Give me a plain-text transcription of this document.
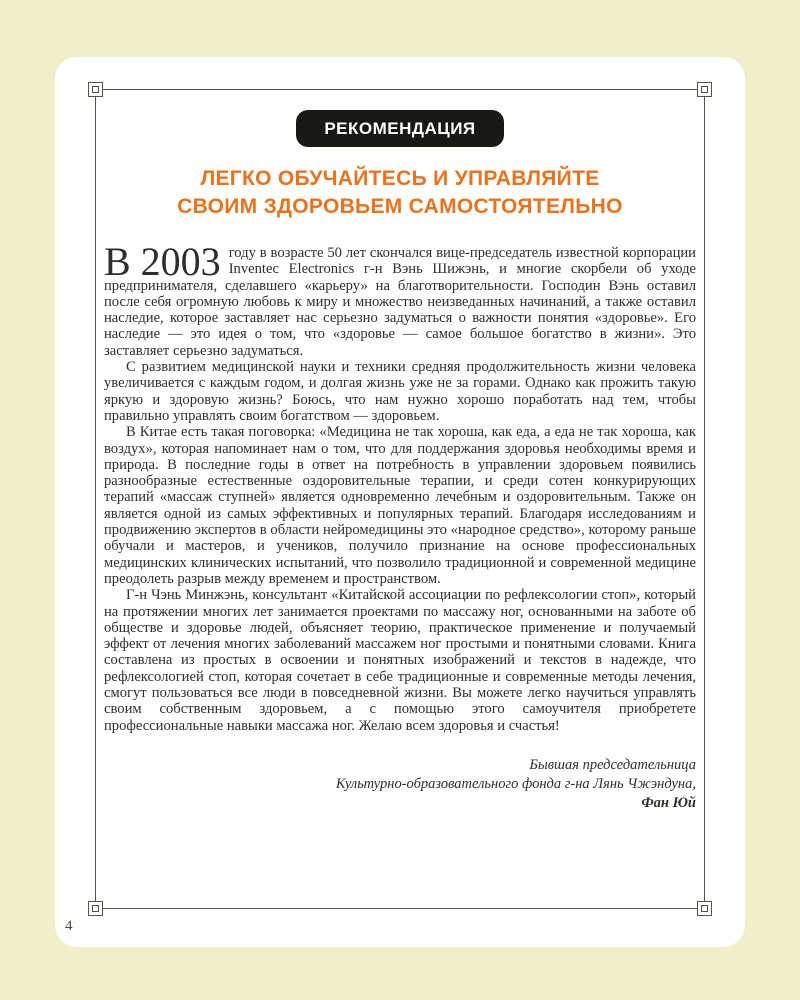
РЕКОМЕНДАЦИЯ
ЛЕГКО ОБУЧАЙТЕСЬ И УПРАВЛЯЙТЕ
СВОИМ ЗДОРОВЬЕМ САМОСТОЯТЕЛЬНО

В 2003 году в возрасте 50 лет скончался вице-председатель известной корпорации Inventec Electronics г-н Вэнь Шижэнь, и многие скорбели об уходе предпринимателя, сделавшего «карьеру» на благотворительности. Господин Вэнь оставил после себя огромную любовь к миру и множество неизведанных начинаний, а также оставил наследие, которое заставляет нас серьезно задуматься о важности понятия «здоровье». Его наследие — это идея о том, что «здоровье — самое большое богатство в жизни». Это заставляет серьезно задуматься.

С развитием медицинской науки и техники средняя продолжительность жизни человека увеличивается с каждым годом, и долгая жизнь уже не за горами. Однако как прожить такую яркую и здоровую жизнь? Боюсь, что нам нужно хорошо поработать над тем, чтобы правильно управлять своим богатством — здоровьем.

В Китае есть такая поговорка: «Медицина не так хороша, как еда, а еда не так хороша, как воздух», которая напоминает нам о том, что для поддержания здоровья необходимы время и природа. В последние годы в ответ на потребность в управлении здоровьем появились разнообразные естественные оздоровительные терапии, и среди сотен конкурирующих терапий «массаж ступней» является одновременно лечебным и оздоровительным. Также он является одной из самых эффективных и популярных терапий. Благодаря исследованиям и продвижению экспертов в области нейромедицины это «народное средство», которому раньше обучали и мастеров, и учеников, получило признание на основе профессиональных медицинских клинических испытаний, что позволило традиционной и современной медицине преодолеть разрыв между временем и пространством.

Г-н Чэнь Минжэнь, консультант «Китайской ассоциации по рефлексологии стоп», который на протяжении многих лет занимается проектами по массажу ног, основанными на заботе об обществе и здоровье людей, объясняет теорию, практическое применение и получаемый эффект от лечения многих заболеваний массажем ног простыми и понятными словами. Книга составлена из простых в освоении и понятных изображений и текстов в надежде, что рефлексологией стоп, которая сочетает в себе традиционные и современные методы лечения, смогут пользоваться все люди в повседневной жизни. Вы можете легко научиться управлять своим собственным здоровьем, а с помощью этого самоучителя приобретете профессиональные навыки массажа ног. Желаю всем здоровья и счастья!

Бывшая председательница
Культурно-образовательного фонда г-на Лянь Чжэндуна,
Фан Юй
4
